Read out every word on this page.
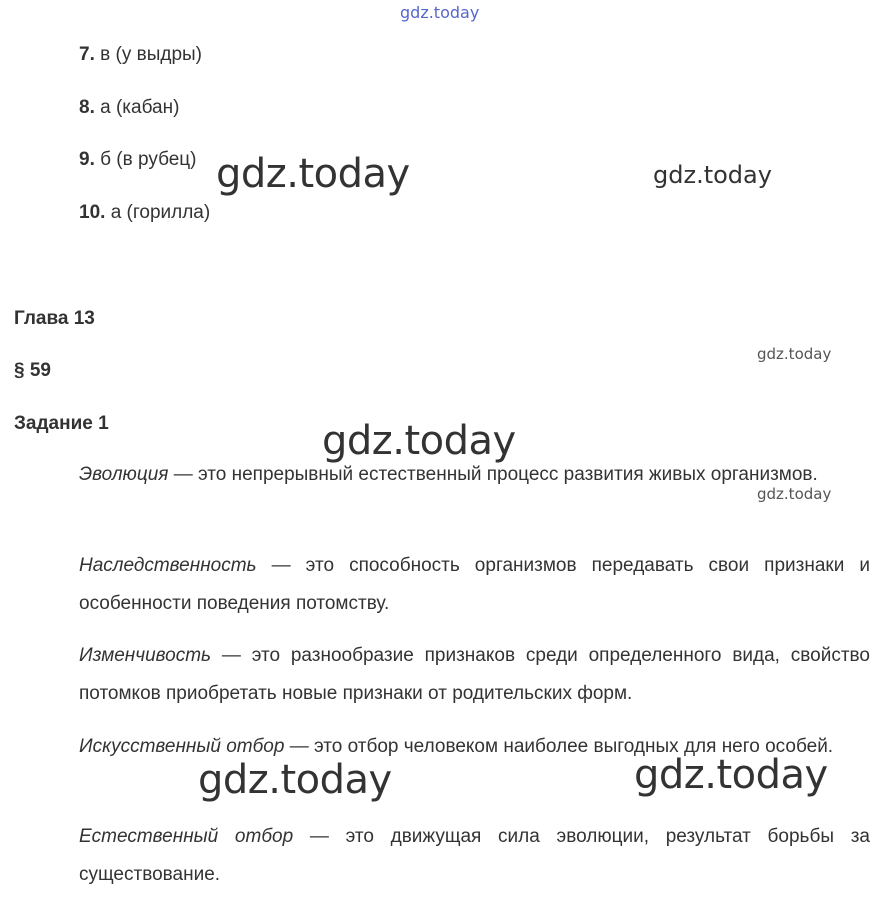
7. в (у выдры)
8. а (кабан)
9. б (в рубец)
10. а (горилла)
Глава 13
§ 59
Задание 1
Эволюция — это непрерывный естественный процесс развития живых организмов.
Наследственность — это способность организмов передавать свои признаки и особенности поведения потомству.
Изменчивость — это разнообразие признаков среди определенного вида, свойство потомков приобретать новые признаки от родительских форм.
Искусственный отбор — это отбор человеком наиболее выгодных для него особей.
Естественный отбор — это движущая сила эволюции, результат борьбы за существование.
gdz.today
gdz.today	gdz.today
gdz.today
gdz.today
gdz.today
gdz.today	gdz.today
